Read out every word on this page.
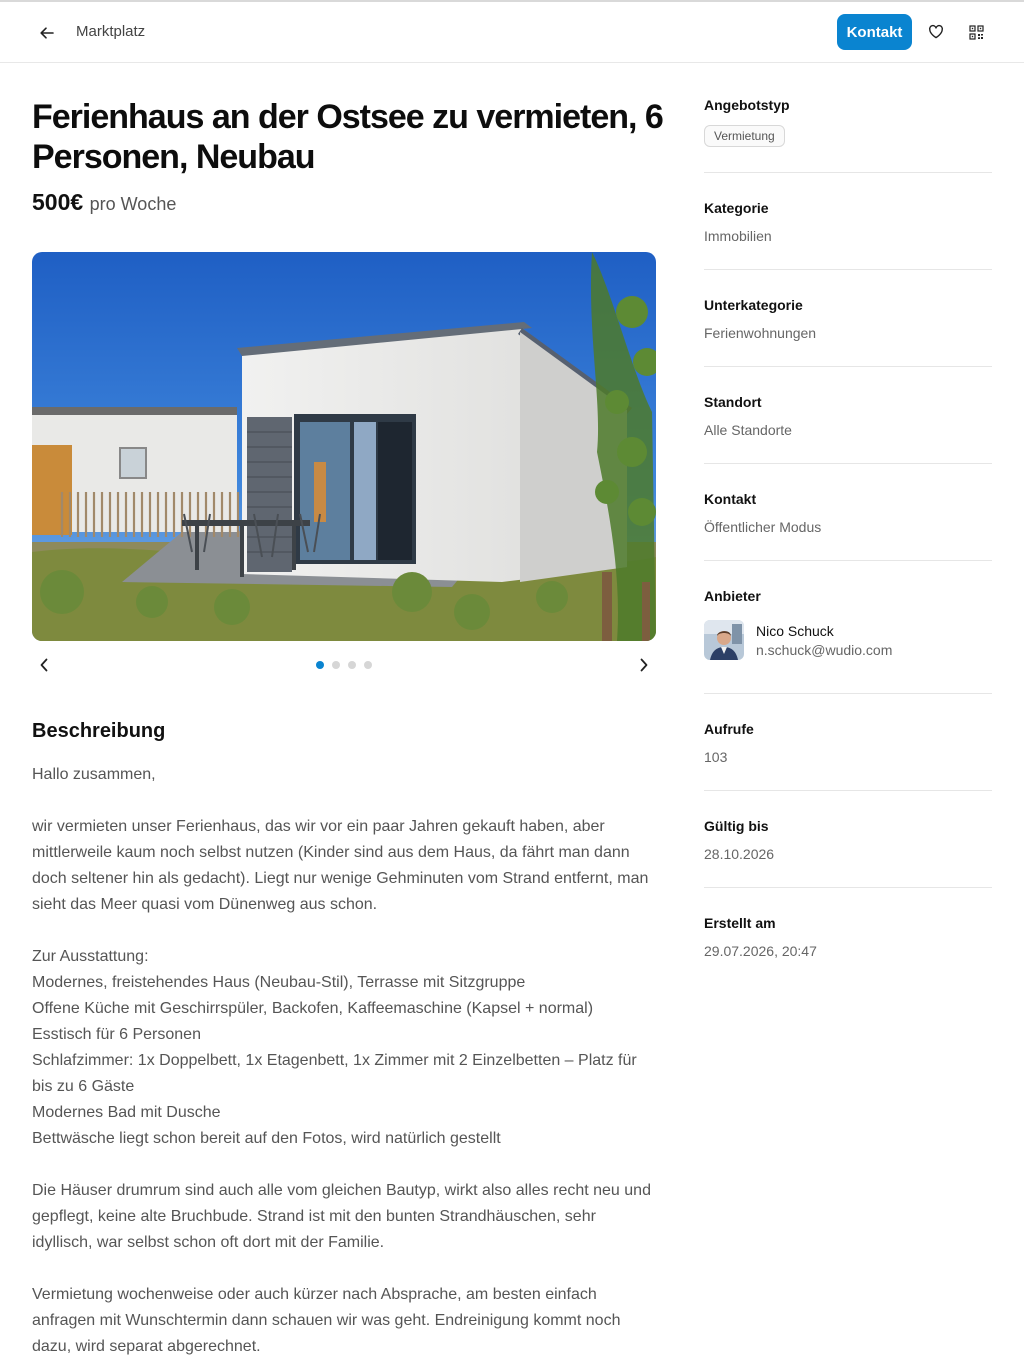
Marktplatz	Kontakt
Ferienhaus an der Ostsee zu vermieten, 6 Personen, Neubau
500€ pro Woche
Beschreibung

Hallo zusammen,

wir vermieten unser Ferienhaus, das wir vor ein paar Jahren gekauft haben, aber mittlerweile kaum noch selbst nutzen (Kinder sind aus dem Haus, da fährt man dann doch seltener hin als gedacht). Liegt nur wenige Gehminuten vom Strand entfernt, man sieht das Meer quasi vom Dünenweg aus schon.

Zur Ausstattung:

Modernes, freistehendes Haus (Neubau-Stil), Terrasse mit Sitzgruppe

Offene Küche mit Geschirrspüler, Backofen, Kaffeemaschine (Kapsel + normal)

Esstisch für 6 Personen

Schlafzimmer: 1x Doppelbett, 1x Etagenbett, 1x Zimmer mit 2 Einzelbetten – Platz für bis zu 6 Gäste

Modernes Bad mit Dusche

Bettwäsche liegt schon bereit auf den Fotos, wird natürlich gestellt

Die Häuser drumrum sind auch alle vom gleichen Bautyp, wirkt also alles recht neu und gepflegt, keine alte Bruchbude. Strand ist mit den bunten Strandhäuschen, sehr idyllisch, war selbst schon oft dort mit der Familie.

Vermietung wochenweise oder auch kürzer nach Absprache, am besten einfach anfragen mit Wunschtermin dann schauen wir was geht. Endreinigung kommt noch dazu, wird separat abgerechnet.

Angebotstyp
Vermietung
Kategorie
Immobilien
Unterkategorie
Ferienwohnungen
Standort
Alle Standorte
Kontakt
Öffentlicher Modus
Anbieter
Nico Schuck
n.schuck@wudio.com
Aufrufe
103
Gültig bis
28.10.2026
Erstellt am
29.07.2026, 20:47
